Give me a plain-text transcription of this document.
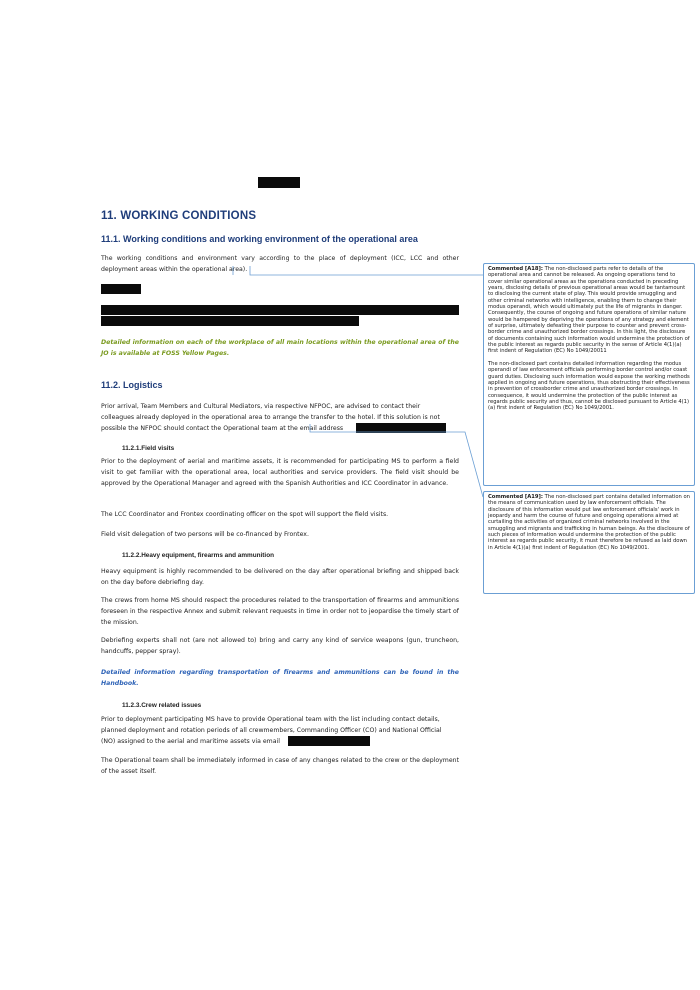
11. WORKING CONDITIONS
11.1. Working conditions and working environment of the operational area
The working conditions and environment vary according to the place of deployment (ICC, LCC and other deployment areas within the operational area).
Detailed information on each of the workplace of all main locations within the operational area of the JO is available at FOSS Yellow Pages.
11.2. Logistics
Prior arrival, Team Members and Cultural Mediators, via respective NFPOC, are advised to contact their
colleagues already deployed in the operational area to arrange the transfer to the hotel. If this solution is not
possible the NFPOC should contact the Operational team at the email address
11.2.1.Field visits
Prior to the deployment of aerial and maritime assets, it is recommended for participating MS to perform a field visit to get familiar with the operational area, local authorities and service providers. The field visit should be approved by the Operational Manager and agreed with the Spanish Authorities and ICC Coordinator in advance.
The LCC Coordinator and Frontex coordinating officer on the spot will support the field visits.
Field visit delegation of two persons will be co-financed by Frontex.
11.2.2.Heavy equipment, firearms and ammunition
Heavy equipment is highly recommended to be delivered on the day after operational briefing and shipped back on the day before debriefing day.
The crews from home MS should respect the procedures related to the transportation of firearms and ammunitions foreseen in the respective Annex and submit relevant requests in time in order not to jeopardise the timely start of the mission.
Debriefing experts shall not (are not allowed to) bring and carry any kind of service weapons (gun, truncheon, handcuffs, pepper spray).
Detailed information regarding transportation of firearms and ammunitions can be found in the Handbook.
11.2.3.Crew related issues
Prior to deployment participating MS have to provide Operational team with the list including contact details,
planned deployment and rotation periods of all crewmembers, Commanding Officer (CO) and National Official
(NO) assigned to the aerial and maritime assets via email
The Operational team shall be immediately informed in case of any changes related to the crew or the deployment of the asset itself.

Commented [A18]: The non-disclosed parts refer to details of the operational area and cannot be released. As ongoing operations tend to cover similar operational areas as the operations conducted in preceding years, disclosing details of previous operational areas would be tantamount to disclosing the current state of play. This would provide smuggling and other criminal networks with intelligence, enabling them to change their modus operandi, which would ultimately put the life of migrants in danger. Consequently, the course of ongoing and future operations of similar nature would be hampered by depriving the operations of any strategy and element of surprise, ultimately defeating their purpose to counter and prevent cross-border crime and unauthorized border crossings. In this light, the disclosure of documents containing such information would undermine the protection of the public interest as regards public security in the sense of Article 4(1)(a) first indent of Regulation (EC) No 1049/20011

The non-disclosed part contains detailed information regarding the modus operandi of law enforcement officials performing border control and/or coast guard duties. Disclosing such information would expose the working methods applied in ongoing and future operations, thus obstructing their effectiveness in prevention of crossborder crime and unauthorized border crossings. In consequence, it would undermine the protection of the public interest as regards public security and thus, cannot be disclosed pursuant to Article 4(1)(a) first indent of Regulation (EC) No 1049/2001.

Commented [A19]: The non-disclosed part contains detailed information on the means of communication used by law enforcement officials. The disclosure of this information would put law enforcement officials' work in jeopardy and harm the course of future and ongoing operations aimed at curtailing the activities of organized criminal networks involved in the smuggling and migrants and trafficking in human beings. As the disclosure of such pieces of information would undermine the protection of the public interest as regards public security, it must therefore be refused as laid down in Article 4(1)(a) first indent of Regulation (EC) No 1049/2001.
